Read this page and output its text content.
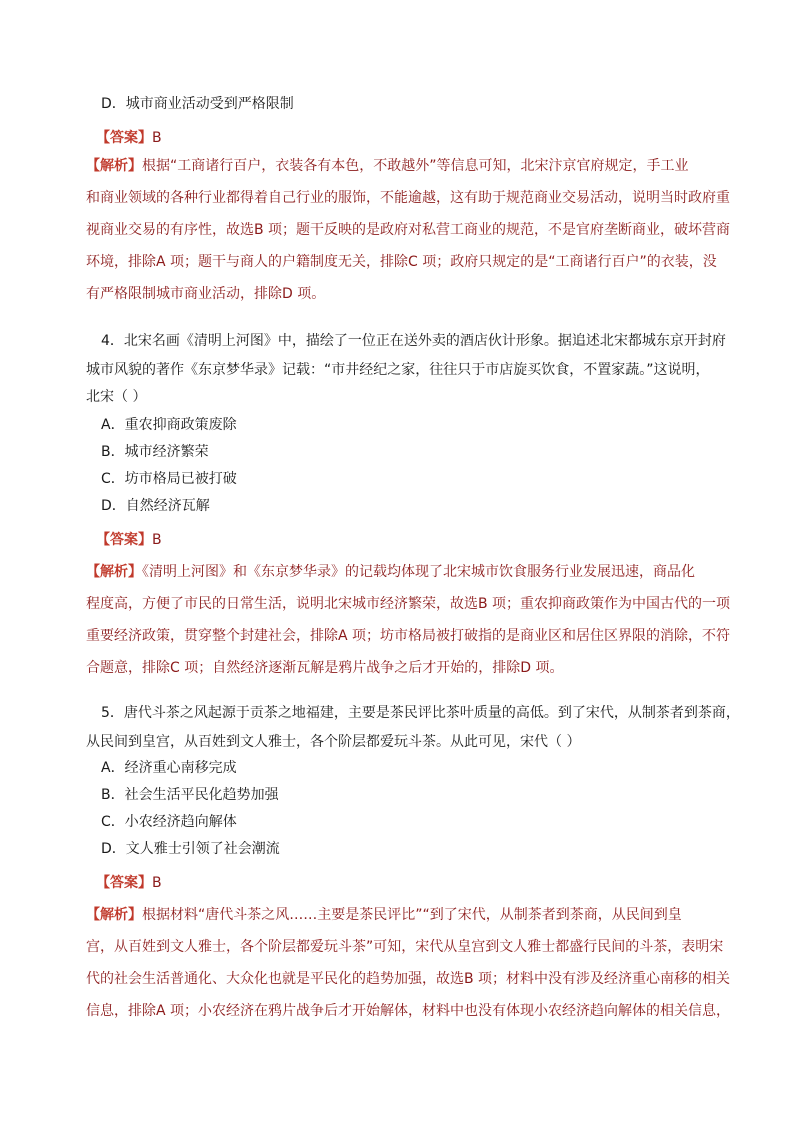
D．城市商业活动受到严格限制
【答案】B
【解析】根据“工商诸行百户，衣装各有本色，不敢越外”等信息可知，北宋汴京官府规定，手工业
和商业领域的各种行业都得着自己行业的服饰，不能逾越，这有助于规范商业交易活动，说明当时政府重
视商业交易的有序性，故选B 项；题干反映的是政府对私营工商业的规范，不是官府垄断商业，破坏营商
环境，排除A 项；题干与商人的户籍制度无关，排除C 项；政府只规定的是“工商诸行百户”的衣装，没
有严格限制城市商业活动，排除D 项。
4．北宋名画《清明上河图》中，描绘了一位正在送外卖的酒店伙计形象。据追述北宋都城东京开封府
城市风貌的著作《东京梦华录》记载：“市井经纪之家，往往只于市店旋买饮食，不置家蔬。”这说明，
北宋（ ）
A．重农抑商政策废除
B．城市经济繁荣
C．坊市格局已被打破
D．自然经济瓦解
【答案】B
【解析】《清明上河图》和《东京梦华录》的记载均体现了北宋城市饮食服务行业发展迅速，商品化
程度高，方便了市民的日常生活，说明北宋城市经济繁荣，故选B 项；重农抑商政策作为中国古代的一项
重要经济政策，贯穿整个封建社会，排除A 项；坊市格局被打破指的是商业区和居住区界限的消除，不符
合题意，排除C 项；自然经济逐渐瓦解是鸦片战争之后才开始的，排除D 项。
5．唐代斗茶之风起源于贡茶之地福建，主要是茶民评比茶叶质量的高低。到了宋代，从制茶者到茶商，
从民间到皇宫，从百姓到文人雅士，各个阶层都爱玩斗茶。从此可见，宋代（ ）
A．经济重心南移完成
B．社会生活平民化趋势加强
C．小农经济趋向解体
D．文人雅士引领了社会潮流
【答案】B
【解析】根据材料“唐代斗茶之风……主要是茶民评比”“到了宋代，从制茶者到茶商，从民间到皇
宫，从百姓到文人雅士，各个阶层都爱玩斗茶”可知，宋代从皇宫到文人雅士都盛行民间的斗茶，表明宋
代的社会生活普通化、大众化也就是平民化的趋势加强，故选B 项；材料中没有涉及经济重心南移的相关
信息，排除A 项；小农经济在鸦片战争后才开始解体，材料中也没有体现小农经济趋向解体的相关信息，
